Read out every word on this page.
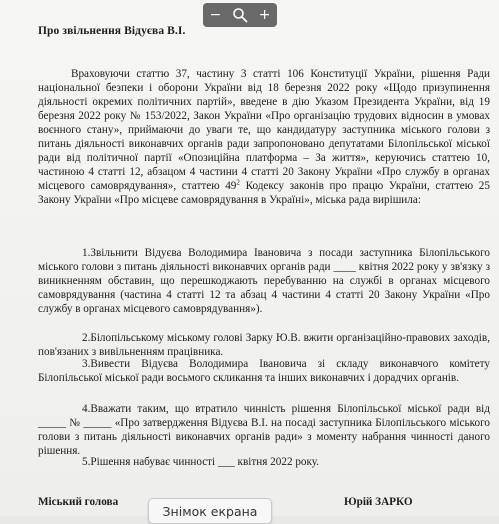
Про звільнення Відуєва В.І.
Враховуючи статтю 37, частину 3 статті 106 Конституції України, рішення Ради національної безпеки і оборони України від 18 березня 2022 року «Щодо призупинення діяльності окремих політичних партій», введене в дію Указом Президента України, від 19 березня 2022 року № 153/2022, Закон України «Про організацію трудових відносин в умовах воєнного стану», приймаючи до уваги те, що кандидатуру заступника міського голови з питань діяльності виконавчих органів ради запропоновано депутатами Білопільської міської ради від політичної партії «Опозиційна платформа – За життя», керуючись статтею 10, частиною 4 статті 12, абзацом 4 частини 4 статті 20 Закону України «Про службу в органах місцевого самоврядування», статтею $49^2$ Кодексу законів про працю України, статтею 25 Закону України «Про місцеве самоврядування в Україні», міська рада вирішила:
1.Звільнити Відуєва Володимира Івановича з посади заступника Білопільського міського голови з питань діяльності виконавчих органів ради ____ квітня 2022 року у зв'язку з виникненням обставин, що перешкоджають перебуванню на службі в органах місцевого самоврядування (частина 4 статті 12 та абзац 4 частини 4 статті 20 Закону України «Про службу в органах місцевого самоврядування»).
2.Білопільському міському голові Зарку Ю.В. вжити організаційно-правових заходів, пов'язаних з вивільненням працівника.
3.Вивести Відуєва Володимира Івановича зі складу виконавчого комітету Білопільської міської ради восьмого скликання та інших виконавчих і дорадчих органів.
4.Вважати таким, що втратило чинність рішення Білопільської міської ради від _____ № _____ «Про затвердження Відуєва В.І. на посаді заступника Білопільського міського голови з питань діяльності виконавчих органів ради» з моменту набрання чинності даного рішення.
5.Рішення набуває чинності ___ квітня 2022 року.
Міський голова	Юрій ЗАРКО
−	+
Знімок екрана
